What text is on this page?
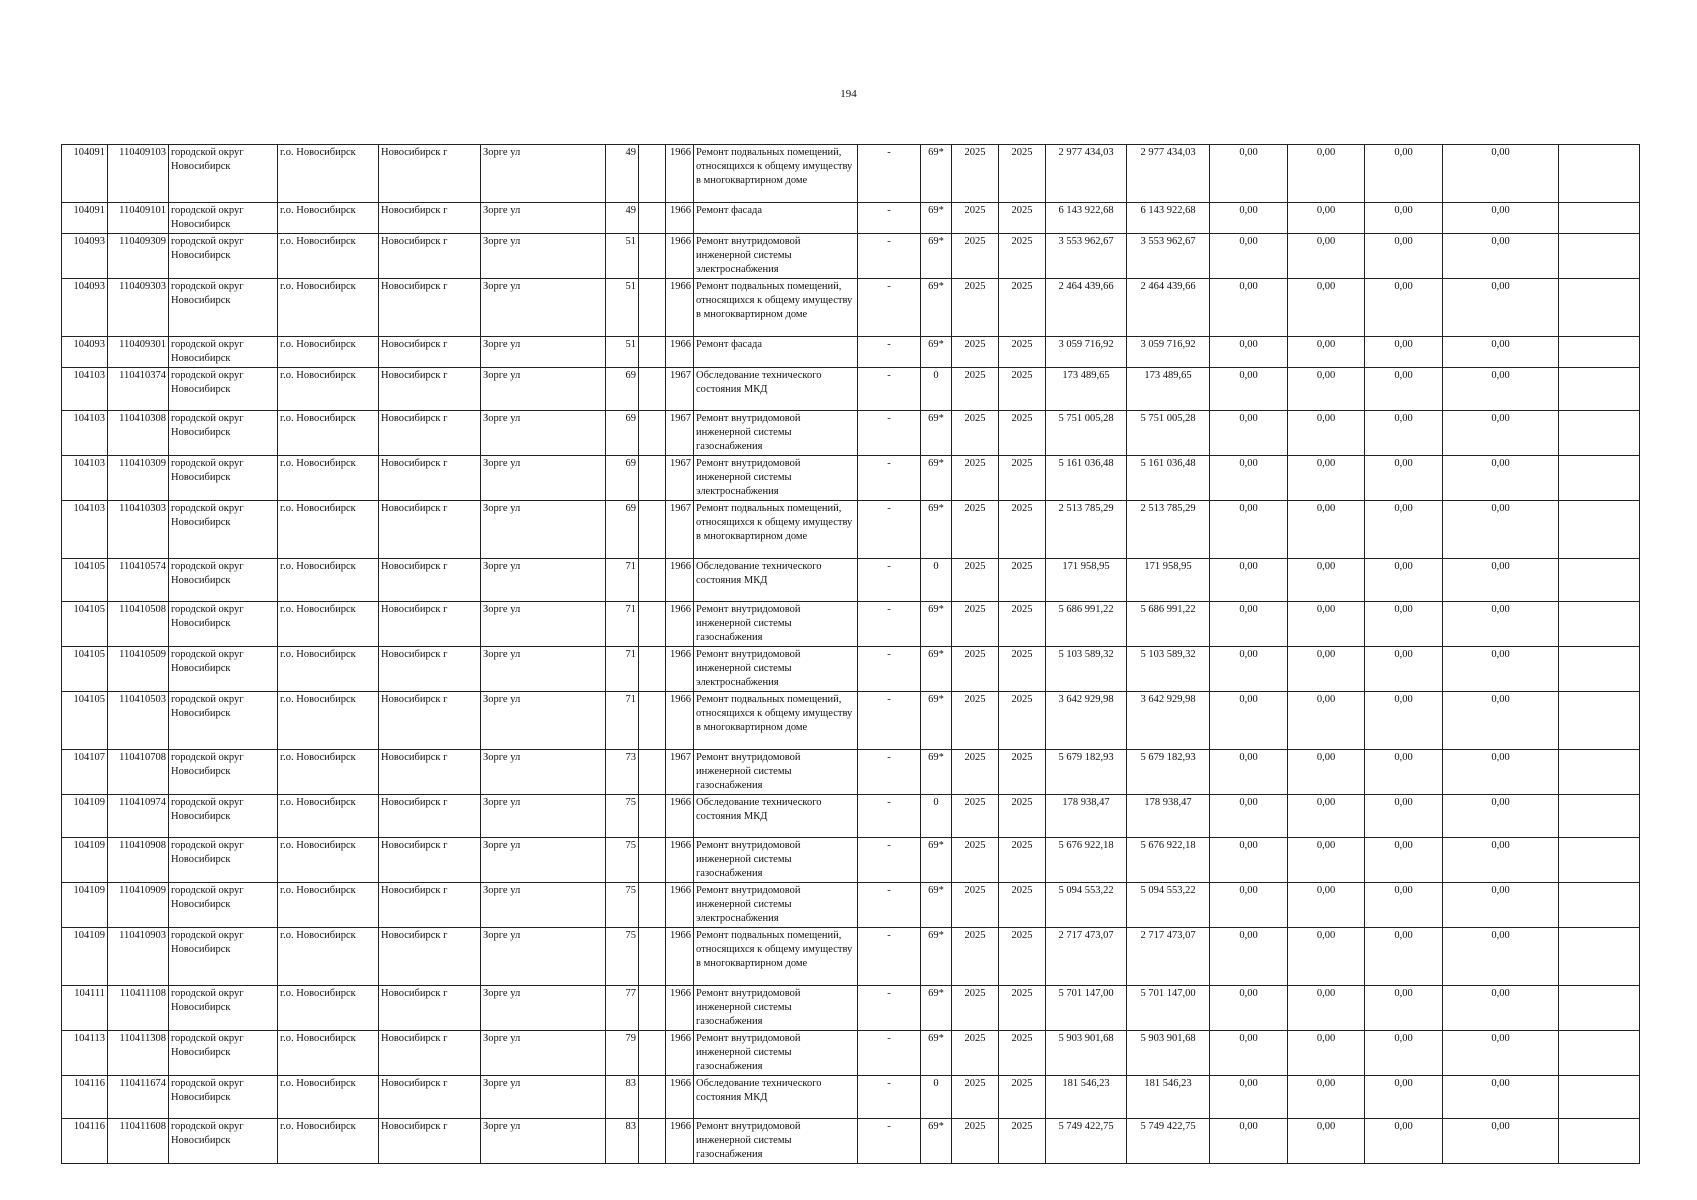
194
104091	110409103	городской округ Новосибирск	г.о. Новосибирск	Новосибирск г	Зорге ул	49		1966	Ремонт подвальных помещений, относящихся к общему имуществу в многоквартирном доме	-	69*	2025	2025	2 977 434,03	2 977 434,03	0,00	0,00	0,00	0,00	
104091	110409101	городской округ Новосибирск	г.о. Новосибирск	Новосибирск г	Зорге ул	49		1966	Ремонт фасада	-	69*	2025	2025	6 143 922,68	6 143 922,68	0,00	0,00	0,00	0,00	
104093	110409309	городской округ Новосибирск	г.о. Новосибирск	Новосибирск г	Зорге ул	51		1966	Ремонт внутридомовой инженерной системы электроснабжения	-	69*	2025	2025	3 553 962,67	3 553 962,67	0,00	0,00	0,00	0,00	
104093	110409303	городской округ Новосибирск	г.о. Новосибирск	Новосибирск г	Зорге ул	51		1966	Ремонт подвальных помещений, относящихся к общему имуществу в многоквартирном доме	-	69*	2025	2025	2 464 439,66	2 464 439,66	0,00	0,00	0,00	0,00	
104093	110409301	городской округ Новосибирск	г.о. Новосибирск	Новосибирск г	Зорге ул	51		1966	Ремонт фасада	-	69*	2025	2025	3 059 716,92	3 059 716,92	0,00	0,00	0,00	0,00	
104103	110410374	городской округ Новосибирск	г.о. Новосибирск	Новосибирск г	Зорге ул	69		1967	Обследование технического состояния МКД	-	0	2025	2025	173 489,65	173 489,65	0,00	0,00	0,00	0,00	
104103	110410308	городской округ Новосибирск	г.о. Новосибирск	Новосибирск г	Зорге ул	69		1967	Ремонт внутридомовой инженерной системы газоснабжения	-	69*	2025	2025	5 751 005,28	5 751 005,28	0,00	0,00	0,00	0,00	
104103	110410309	городской округ Новосибирск	г.о. Новосибирск	Новосибирск г	Зорге ул	69		1967	Ремонт внутридомовой инженерной системы электроснабжения	-	69*	2025	2025	5 161 036,48	5 161 036,48	0,00	0,00	0,00	0,00	
104103	110410303	городской округ Новосибирск	г.о. Новосибирск	Новосибирск г	Зорге ул	69		1967	Ремонт подвальных помещений, относящихся к общему имуществу в многоквартирном доме	-	69*	2025	2025	2 513 785,29	2 513 785,29	0,00	0,00	0,00	0,00	
104105	110410574	городской округ Новосибирск	г.о. Новосибирск	Новосибирск г	Зорге ул	71		1966	Обследование технического состояния МКД	-	0	2025	2025	171 958,95	171 958,95	0,00	0,00	0,00	0,00	
104105	110410508	городской округ Новосибирск	г.о. Новосибирск	Новосибирск г	Зорге ул	71		1966	Ремонт внутридомовой инженерной системы газоснабжения	-	69*	2025	2025	5 686 991,22	5 686 991,22	0,00	0,00	0,00	0,00	
104105	110410509	городской округ Новосибирск	г.о. Новосибирск	Новосибирск г	Зорге ул	71		1966	Ремонт внутридомовой инженерной системы электроснабжения	-	69*	2025	2025	5 103 589,32	5 103 589,32	0,00	0,00	0,00	0,00	
104105	110410503	городской округ Новосибирск	г.о. Новосибирск	Новосибирск г	Зорге ул	71		1966	Ремонт подвальных помещений, относящихся к общему имуществу в многоквартирном доме	-	69*	2025	2025	3 642 929,98	3 642 929,98	0,00	0,00	0,00	0,00	
104107	110410708	городской округ Новосибирск	г.о. Новосибирск	Новосибирск г	Зорге ул	73		1967	Ремонт внутридомовой инженерной системы газоснабжения	-	69*	2025	2025	5 679 182,93	5 679 182,93	0,00	0,00	0,00	0,00	
104109	110410974	городской округ Новосибирск	г.о. Новосибирск	Новосибирск г	Зорге ул	75		1966	Обследование технического состояния МКД	-	0	2025	2025	178 938,47	178 938,47	0,00	0,00	0,00	0,00	
104109	110410908	городской округ Новосибирск	г.о. Новосибирск	Новосибирск г	Зорге ул	75		1966	Ремонт внутридомовой инженерной системы газоснабжения	-	69*	2025	2025	5 676 922,18	5 676 922,18	0,00	0,00	0,00	0,00	
104109	110410909	городской округ Новосибирск	г.о. Новосибирск	Новосибирск г	Зорге ул	75		1966	Ремонт внутридомовой инженерной системы электроснабжения	-	69*	2025	2025	5 094 553,22	5 094 553,22	0,00	0,00	0,00	0,00	
104109	110410903	городской округ Новосибирск	г.о. Новосибирск	Новосибирск г	Зорге ул	75		1966	Ремонт подвальных помещений, относящихся к общему имуществу в многоквартирном доме	-	69*	2025	2025	2 717 473,07	2 717 473,07	0,00	0,00	0,00	0,00	
104111	110411108	городской округ Новосибирск	г.о. Новосибирск	Новосибирск г	Зорге ул	77		1966	Ремонт внутридомовой инженерной системы газоснабжения	-	69*	2025	2025	5 701 147,00	5 701 147,00	0,00	0,00	0,00	0,00	
104113	110411308	городской округ Новосибирск	г.о. Новосибирск	Новосибирск г	Зорге ул	79		1966	Ремонт внутридомовой инженерной системы газоснабжения	-	69*	2025	2025	5 903 901,68	5 903 901,68	0,00	0,00	0,00	0,00	
104116	110411674	городской округ Новосибирск	г.о. Новосибирск	Новосибирск г	Зорге ул	83		1966	Обследование технического состояния МКД	-	0	2025	2025	181 546,23	181 546,23	0,00	0,00	0,00	0,00	
104116	110411608	городской округ Новосибирск	г.о. Новосибирск	Новосибирск г	Зорге ул	83		1966	Ремонт внутридомовой инженерной системы газоснабжения	-	69*	2025	2025	5 749 422,75	5 749 422,75	0,00	0,00	0,00	0,00	
